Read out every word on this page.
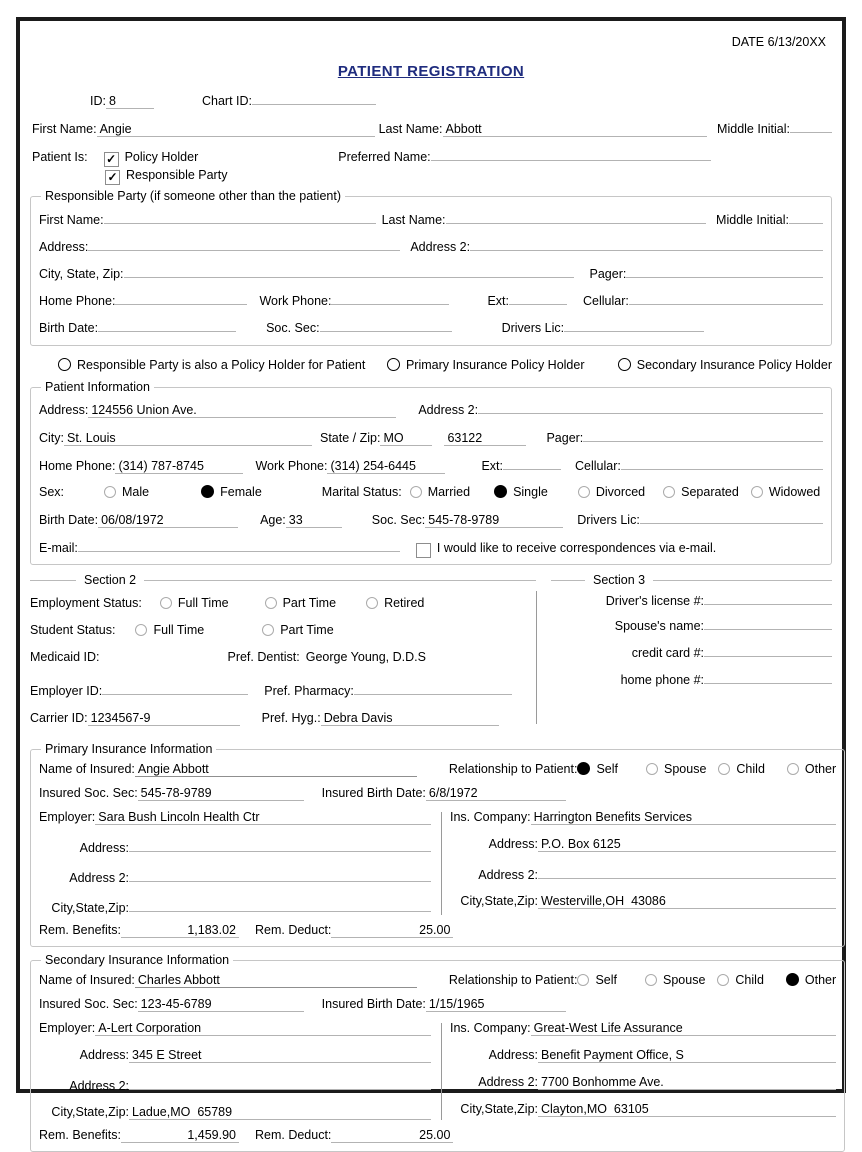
DATE 6/13/20XX
PATIENT REGISTRATION
ID: 8	Chart ID:
First Name: Angie	Last Name: Abbott	Middle Initial:
Patient Is: ✓ Policy Holder	Preferred Name:
✓ Responsible Party
Responsible Party (if someone other than the patient)
First Name:	Last Name:	Middle Initial:
Address:	Address 2:
City, State, Zip:	Pager:
Home Phone:	Work Phone:	Ext:	Cellular:
Birth Date:	Soc. Sec:	Drivers Lic:
Responsible Party is also a Policy Holder for Patient	Primary Insurance Policy Holder	Secondary Insurance Policy Holder
Patient Information
Address: 124556 Union Ave.	Address 2:
City: St. Louis	State / Zip: MO	63122	Pager:
Home Phone: (314) 787-8745	Work Phone: (314) 254-6445	Ext:	Cellular:
Sex:	Male	Female	Marital Status: Married	Single	Divorced	Separated Widowed
Birth Date: 06/08/1972	Age: 33	Soc. Sec: 545-78-9789	Drivers Lic:
E-mail:	I would like to receive correspondences via e-mail.
Section 2
Employment Status:	Full Time	Part Time	Retired
Student Status:	Full Time	Part Time
Medicaid ID:	Pref. Dentist: George Young, D.D.S
Employer ID:	Pref. Pharmacy:
Carrier ID: 1234567-9	Pref. Hyg.: Debra Davis
Section 3
Driver's license #:
Spouse's name:
credit card #:
home phone #:
Primary Insurance Information
Name of Insured: Angie Abbott	Relationship to Patient: Self	Spouse Child	Other
Insured Soc. Sec: 545-78-9789	Insured Birth Date: 6/8/1972
Employer: Sara Bush Lincoln Health Ctr
Address:
Address 2:
City,State,Zip:
Ins. Company: Harrington Benefits Services
Address: P.O. Box 6125
Address 2:
City,State,Zip: Westerville,OH  43086
Rem. Benefits:	1,183.02 Rem. Deduct:	25.00
Secondary Insurance Information
Name of Insured: Charles Abbott	Relationship to Patient: Self	Spouse Child	Other
Insured Soc. Sec: 123-45-6789	Insured Birth Date: 1/15/1965
Employer: A-Lert Corporation
Address: 345 E Street
Address 2:
City,State,Zip: Ladue,MO  65789
Ins. Company: Great-West Life Assurance
Address: Benefit Payment Office, S
Address 2: 7700 Bonhomme Ave.
City,State,Zip: Clayton,MO  63105
Rem. Benefits:	1,459.90 Rem. Deduct:	25.00
